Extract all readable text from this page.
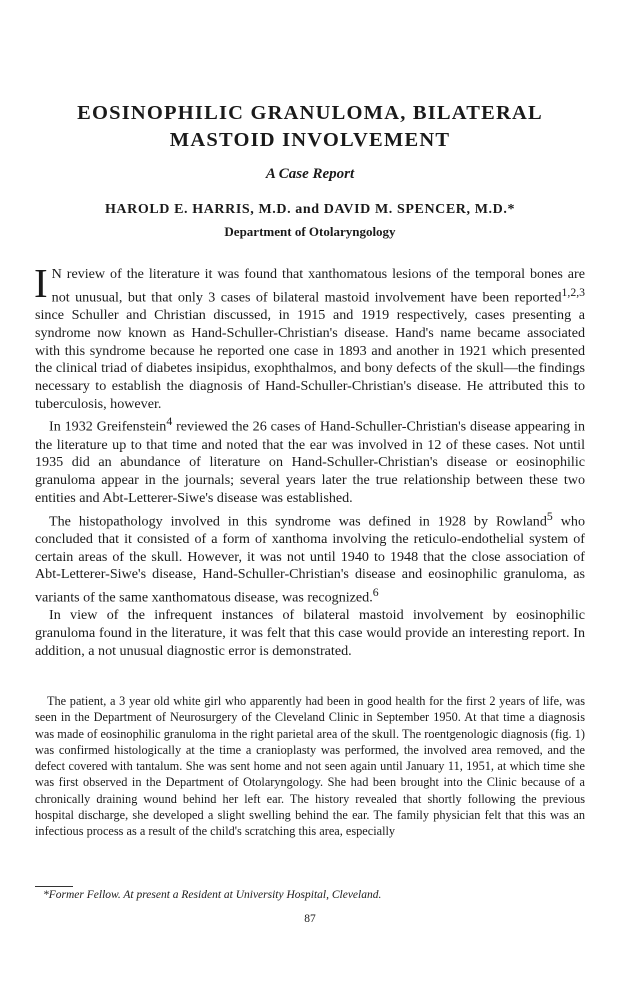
EOSINOPHILIC GRANULOMA, BILATERAL
MASTOID INVOLVEMENT
A Case Report
HAROLD E. HARRIS, M.D. and DAVID M. SPENCER, M.D.*
Department of Otolaryngology

I N review of the literature it was found that xanthomatous lesions of the temporal bones are not unusual, but that only 3 cases of bilateral mastoid involvement have been reported$^{1,2,3}$ since Schuller and Christian discussed, in 1915 and 1919 respectively, cases presenting a syndrome now known as Hand-Schuller-Christian's disease. Hand's name became associated with this syndrome because he reported one case in 1893 and another in 1921 which presented the clinical triad of diabetes insipidus, exophthalmos, and bony defects of the skull—the findings necessary to establish the diagnosis of Hand-Schuller-Christian's disease. He attributed this to tuberculosis, however.

In 1932 Greifenstein$^4$ reviewed the 26 cases of Hand-Schuller-Christian's disease appearing in the literature up to that time and noted that the ear was involved in 12 of these cases. Not until 1935 did an abundance of literature on Hand-Schuller-Christian's disease or eosinophilic granuloma appear in the journals; several years later the true relationship between these two entities and Abt-Letterer-Siwe's disease was established.

The histopathology involved in this syndrome was defined in 1928 by Rowland$^5$ who concluded that it consisted of a form of xanthoma involving the reticulo-endothelial system of certain areas of the skull. However, it was not until 1940 to 1948 that the close association of Abt-Letterer-Siwe's disease, Hand-Schuller-Christian's disease and eosinophilic granuloma, as variants of the same xanthomatous disease, was recognized.$^6$

In view of the infrequent instances of bilateral mastoid involvement by eosinophilic granuloma found in the literature, it was felt that this case would provide an interesting report. In addition, a not unusual diagnostic error is demonstrated.

The patient, a 3 year old white girl who apparently had been in good health for the first 2 years of life, was seen in the Department of Neurosurgery of the Cleveland Clinic in September 1950. At that time a diagnosis was made of eosinophilic granuloma in the right parietal area of the skull. The roentgenologic diagnosis (fig. 1) was confirmed histologically at the time a cranioplasty was performed, the involved area removed, and the defect covered with tantalum. She was sent home and not seen again until January 11, 1951, at which time she was first observed in the Department of Otolaryngology. She had been brought into the Clinic because of a chronically draining wound behind her left ear. The history revealed that shortly following the previous hospital discharge, she developed a slight swelling behind the ear. The family physician felt that this was an infectious process as a result of the child's scratching this area, especially

*Former Fellow. At present a Resident at University Hospital, Cleveland.
87
